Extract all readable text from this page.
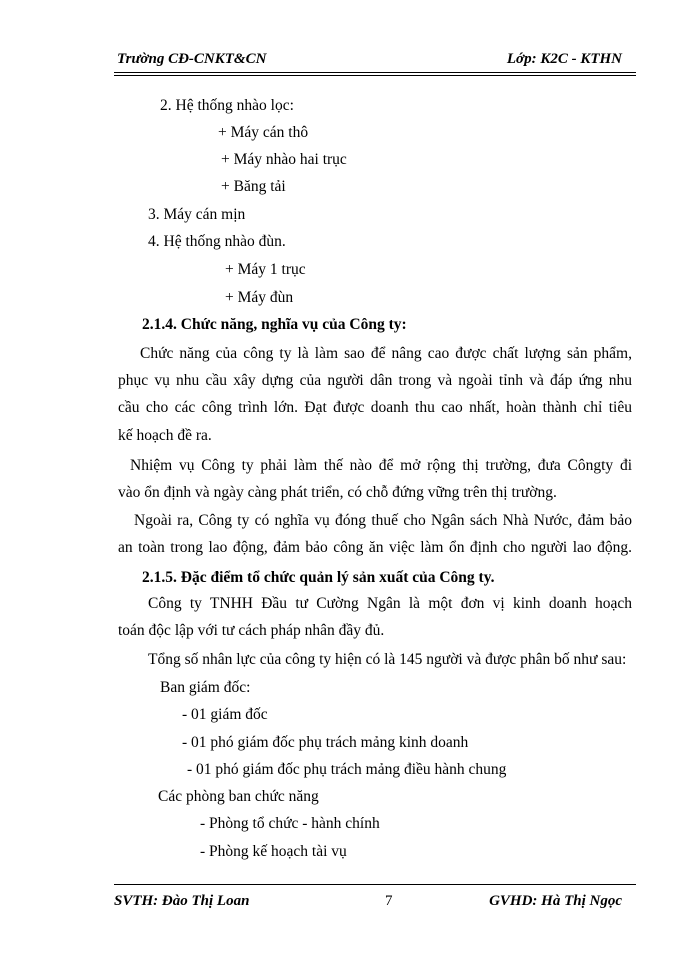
Trường CĐ-CNKT&CN	Lớp: K2C - KTHN
2. Hệ thống nhào lọc:
+ Máy cán thô
+ Máy nhào hai trục
+ Băng tải
3. Máy cán mịn
4. Hệ thống nhào đùn.
+ Máy 1 trục
+ Máy đùn
2.1.4. Chức năng, nghĩa vụ của Công ty:
Chức năng của công ty là làm sao để nâng cao được chất lượng sản phẩm,
phục vụ nhu cầu xây dựng của người dân trong và ngoài tỉnh và đáp ứng nhu
cầu cho các công trình lớn. Đạt được doanh thu cao nhất, hoàn thành chỉ tiêu
kế hoạch đề ra.
Nhiệm vụ Công ty phải làm thế nào để mở rộng thị trường, đưa Côngty đi
vào ổn định và ngày càng phát triển, có chỗ đứng vững trên thị trường.
Ngoài ra, Công ty có nghĩa vụ đóng thuế cho Ngân sách Nhà Nước, đảm bảo
an toàn trong lao động, đảm bảo công ăn việc làm ổn định cho người lao động.
2.1.5. Đặc điểm tổ chức quản lý sản xuất của Công ty.
Công ty TNHH Đầu tư Cường Ngân là một đơn vị kinh doanh hoạch
toán độc lập với tư cách pháp nhân đầy đủ.
Tổng số nhân lực của công ty hiện có là 145 người và được phân bố như sau:
Ban giám đốc:
- 01 giám đốc
- 01 phó giám đốc phụ trách mảng kinh doanh
- 01 phó giám đốc phụ trách mảng điều hành chung
Các phòng ban chức năng
- Phòng tổ chức - hành chính
- Phòng kế hoạch tài vụ
SVTH: Đào Thị Loan	7	GVHD: Hà Thị Ngọc
